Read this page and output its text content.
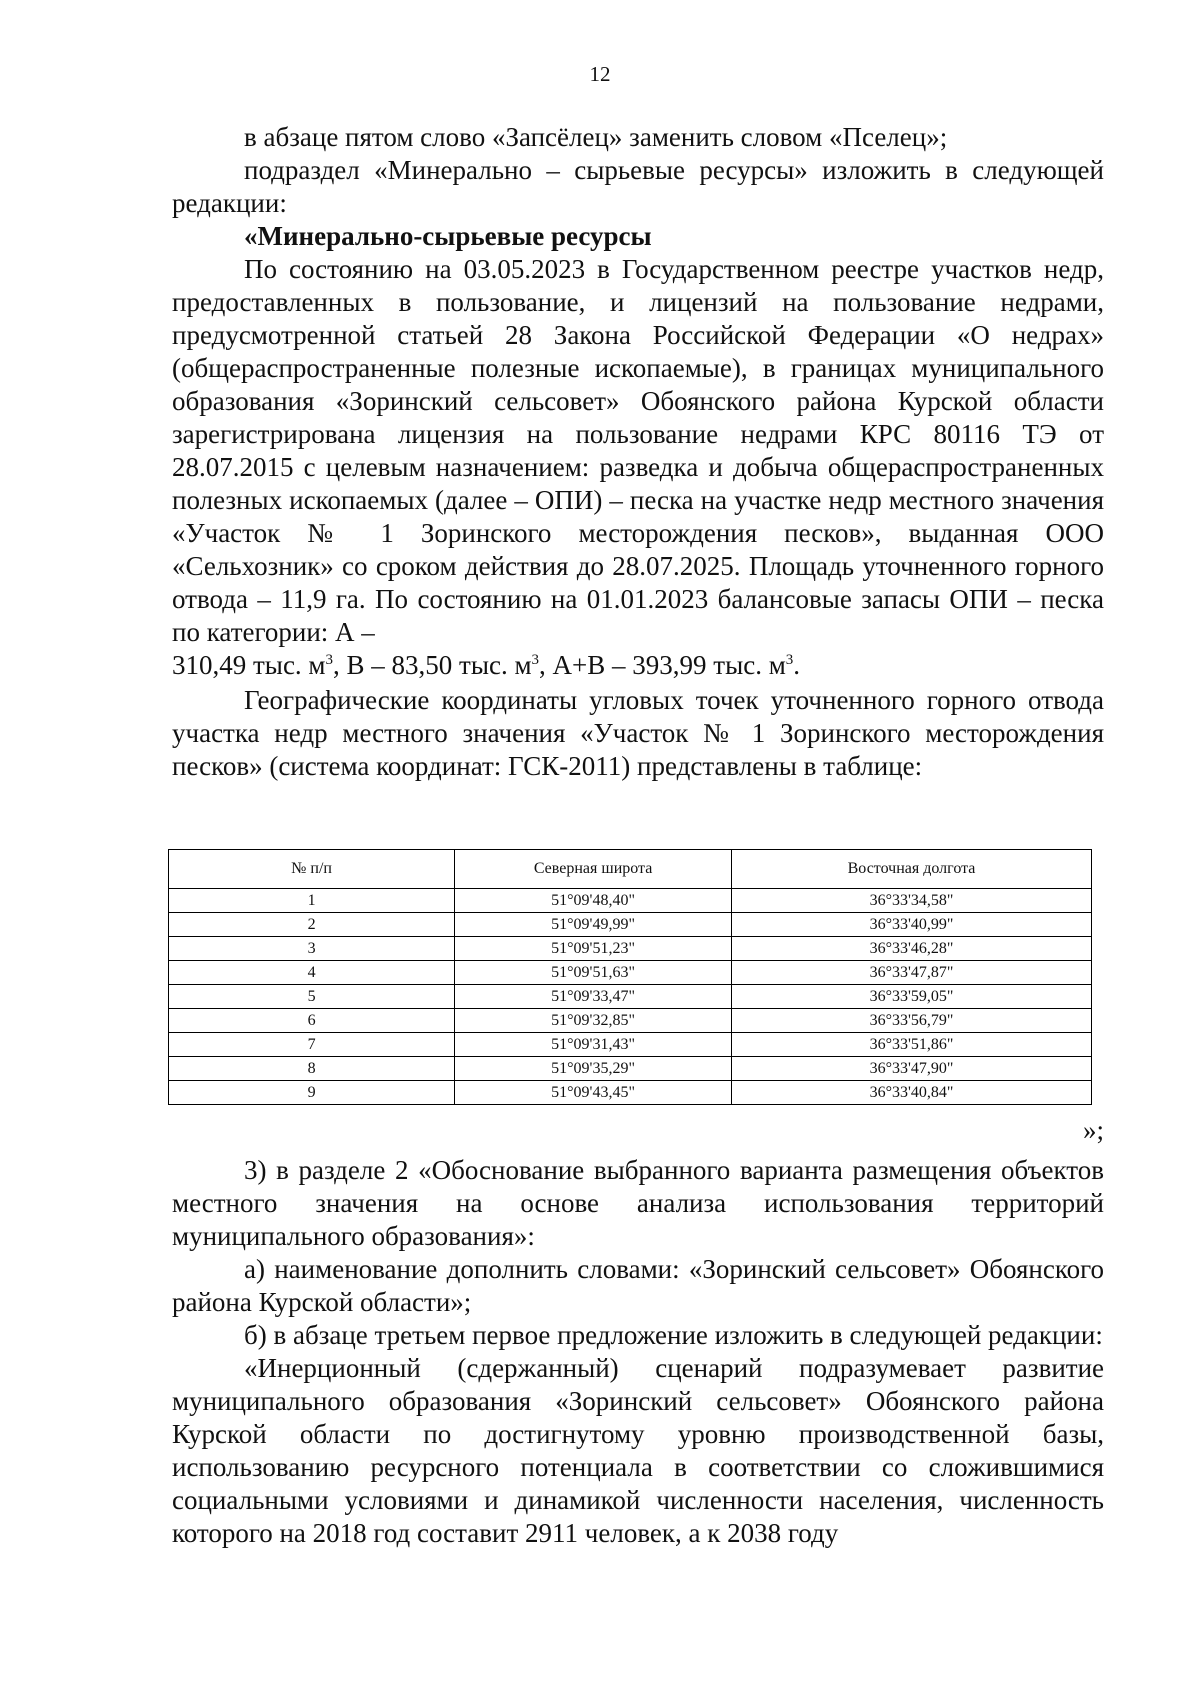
12

в абзаце пятом слово «Запсёлец» заменить словом «Пселец»;

подраздел «Минерально – сырьевые ресурсы» изложить в следующей редакции:

«Минерально-сырьевые ресурсы

По состоянию на 03.05.2023 в Государственном реестре участков недр, предоставленных в пользование, и лицензий на пользование недрами, предусмотренной статьей 28 Закона Российской Федерации «О недрах» (общераспространенные полезные ископаемые), в границах муниципального образования «Зоринский сельсовет» Обоянского района Курской области зарегистрирована лицензия на пользование недрами КРС 80116 ТЭ от 28.07.2015 с целевым назначением: разведка и добыча общераспространенных полезных ископаемых (далее – ОПИ) – песка на участке недр местного значения «Участок № 1 Зоринского месторождения песков», выданная ООО «Сельхозник» со сроком действия до 28.07.2025. Площадь уточненного горного отвода – 11,9 га. По состоянию на 01.01.2023 балансовые запасы ОПИ – песка по категории: А –

310,49 тыс. $м^3$, В – 83,50 тыс. $м^3$, А+В – 393,99 тыс. $м^3$.

Географические координаты угловых точек уточненного горного отвода участка недр местного значения «Участок № 1 Зоринского месторождения песков» (система координат: ГСК-2011) представлены в таблице:

№ п/п	Северная широта	Восточная долгота
1	51°09'48,40"	36°33'34,58"
2	51°09'49,99"	36°33'40,99"
3	51°09'51,23"	36°33'46,28"
4	51°09'51,63"	36°33'47,87"
5	51°09'33,47"	36°33'59,05"
6	51°09'32,85"	36°33'56,79"
7	51°09'31,43"	36°33'51,86"
8	51°09'35,29"	36°33'47,90"
9	51°09'43,45"	36°33'40,84"
»;

3) в разделе 2 «Обоснование выбранного варианта размещения объектов местного значения на основе анализа использования территорий муниципального образования»:

а) наименование дополнить словами: «Зоринский сельсовет» Обоянского района Курской области»;

б) в абзаце третьем первое предложение изложить в следующей редакции:

«Инерционный (сдержанный) сценарий подразумевает развитие муниципального образования «Зоринский сельсовет» Обоянского района Курской области по достигнутому уровню производственной базы, использованию ресурсного потенциала в соответствии со сложившимися социальными условиями и динамикой численности населения, численность которого на 2018 год составит 2911 человек, а к 2038 году
